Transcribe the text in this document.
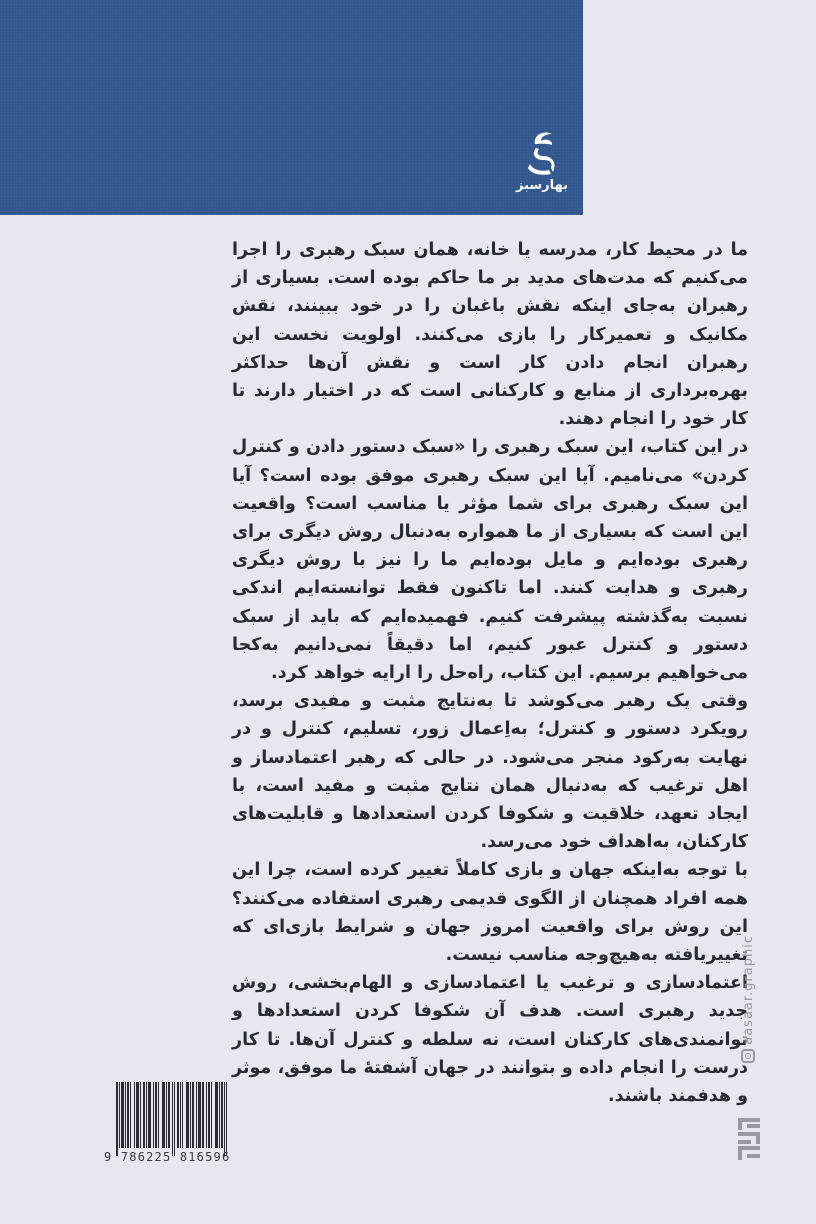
بهارسبز

ما در محیط کار، مدرسه یا خانه، همان سبک رهبری را اجرا می‌کنیم که مدت‌های مدید بر ما حاکم بوده است. بسیاری از رهبران به‌جای اینکه نقش باغبان را در خود ببینند، نقش مکانیک و تعمیرکار را بازی می‌کنند. اولویت نخست این رهبران انجام دادن کار است و نقش آن‌ها حداکثر بهره‌برداری از منابع و کارکنانی است که در اختیار دارند تا کار خود را انجام دهند.

در این کتاب، این سبک رهبری را «سبک دستور دادن و کنترل کردن» می‌نامیم. آیا این سبک رهبری موفق بوده است؟ آیا این سبک رهبری برای شما مؤثر یا مناسب است؟ واقعیت این است که بسیاری از ما همواره به‌دنبال روش دیگری برای رهبری بوده‌ایم و مایل بوده‌ایم ما را نیز با روش دیگری رهبری و هدایت کنند. اما تاکنون فقط توانسته‌ایم اندکی نسبت به‌گذشته پیشرفت کنیم. فهمیده‌ایم که باید از سبک دستور و کنترل عبور کنیم، اما دقیقاً نمی‌دانیم به‌کجا می‌خواهیم برسیم. این کتاب، راه‌حل را ارایه خواهد کرد.

وقتی یک رهبر می‌کوشد تا به‌نتایج مثبت و مفیدی برسد، رویکرد دستور و کنترل؛ به‌اِعمال زور، تسلیم، کنترل و در نهایت به‌رکود منجر می‌شود. در حالی که رهبر اعتمادساز و اهل ترغیب که به‌دنبال همان نتایج مثبت و مفید است، با ایجاد تعهد، خلاقیت و شکوفا کردن استعدادها و قابلیت‌های کارکنان، به‌اهداف خود می‌رسد.

با توجه به‌اینکه جهان و بازی کاملاً تغییر کرده است، چرا این همه افراد همچنان از الگوی قدیمی رهبری استفاده می‌کنند؟ این روش برای واقعیت امروز جهان و شرایط بازی‌ای که تغییریافته به‌هیچ‌وجه مناسب نیست.

اعتمادسازی و ترغیب یا اعتمادسازی و الهام‌بخشی، روش جدید رهبری است. هدف آن شکوفا کردن استعدادها و توانمندی‌های کارکنان است، نه سلطه و کنترل آن‌ها. تا کار درست را انجام داده و بتوانند در جهان آشفتهٔ ما موفق، موثر و هدفمند باشند.

9 786225 816596
aasaar.graphic
